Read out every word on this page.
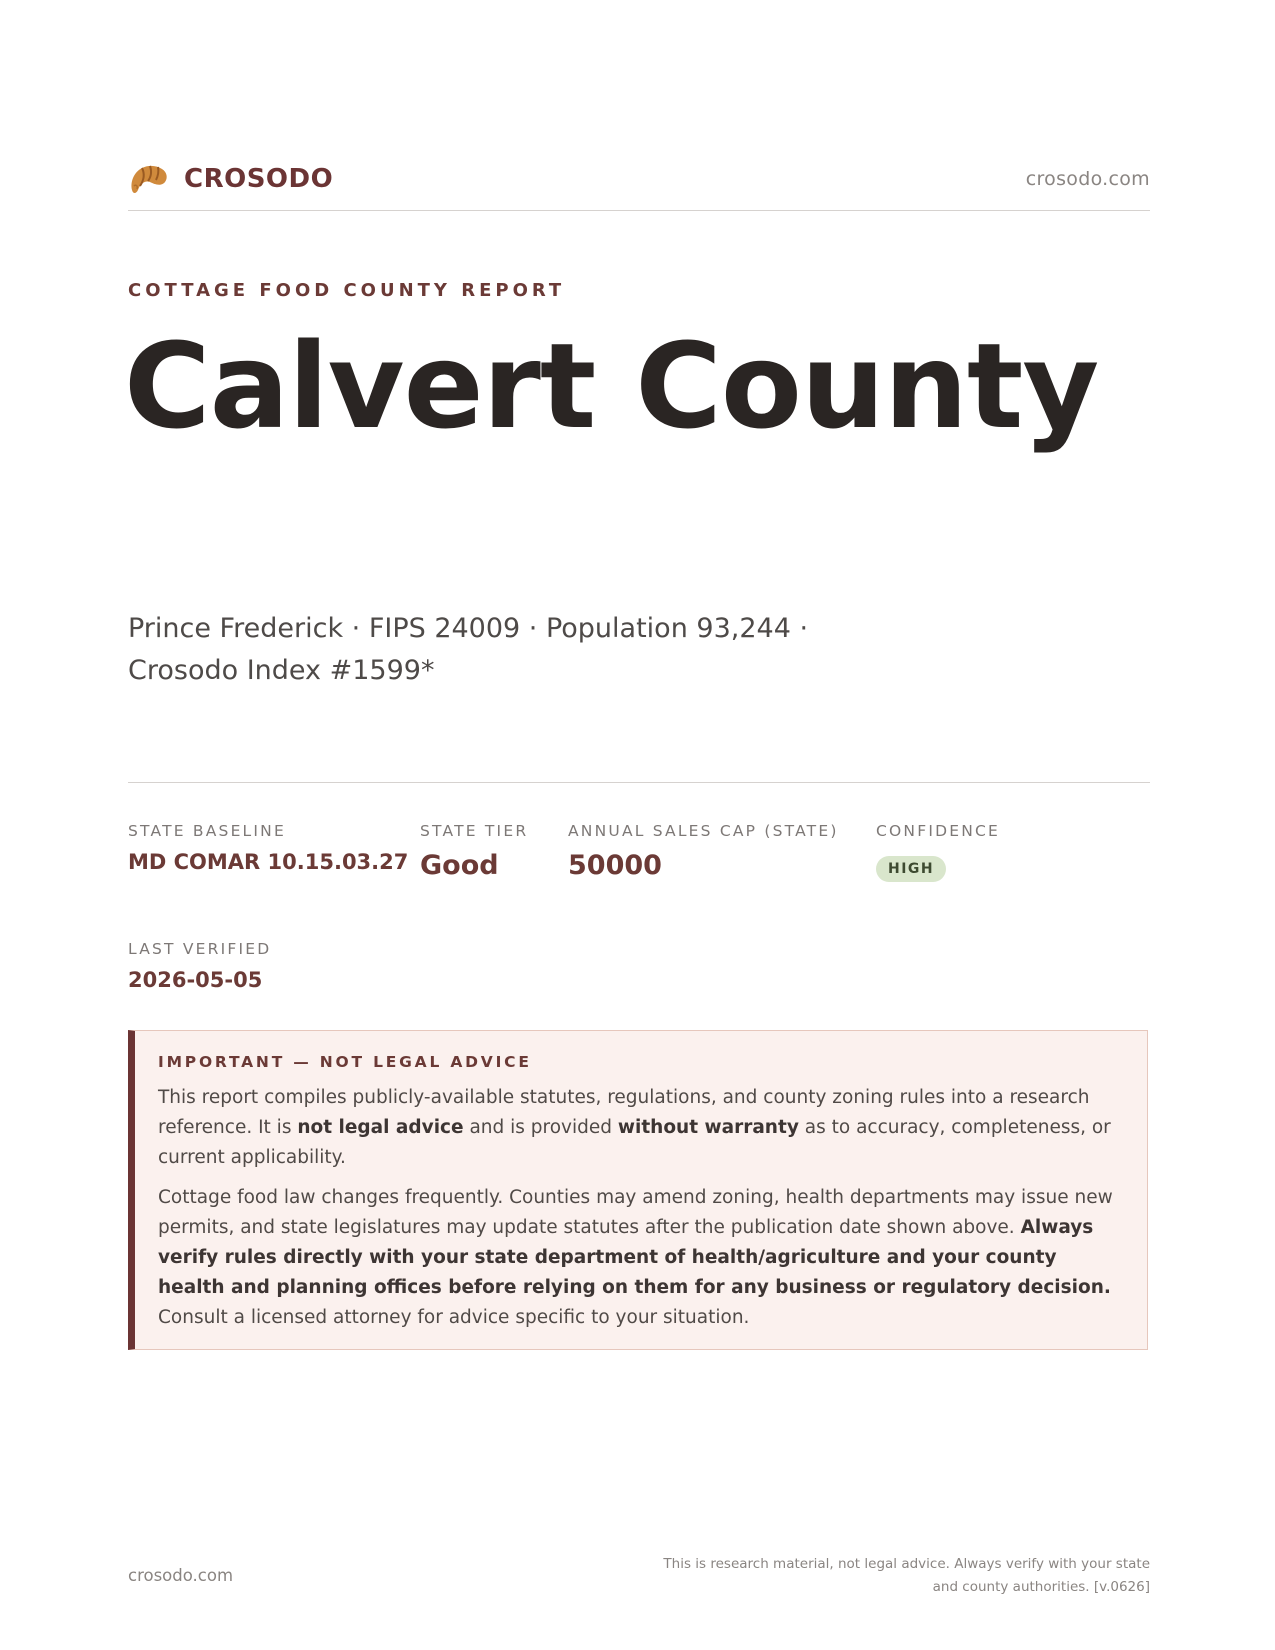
CROSODO	crosodo.com
COTTAGE FOOD COUNTY REPORT
Calvert County
Prince Frederick · FIPS 24009 · Population 93,244 ·
Crosodo Index #1599*
STATE BASELINE
MD COMAR 10.15.03.27
STATE TIER
Good
ANNUAL SALES CAP (STATE)
50000
CONFIDENCE
HIGH
LAST VERIFIED
2026-05-05
IMPORTANT — NOT LEGAL ADVICE

This report compiles publicly-available statutes, regulations, and county zoning rules into a research reference. It is not legal advice and is provided without warranty as to accuracy, completeness, or current applicability.

Cottage food law changes frequently. Counties may amend zoning, health departments may issue new permits, and state legislatures may update statutes after the publication date shown above. Always verify rules directly with your state department of health/agriculture and your county health and planning offices before relying on them for any business or regulatory decision. Consult a licensed attorney for advice specific to your situation.

crosodo.com
This is research material, not legal advice. Always verify with your state
and county authorities. [v.0626]
